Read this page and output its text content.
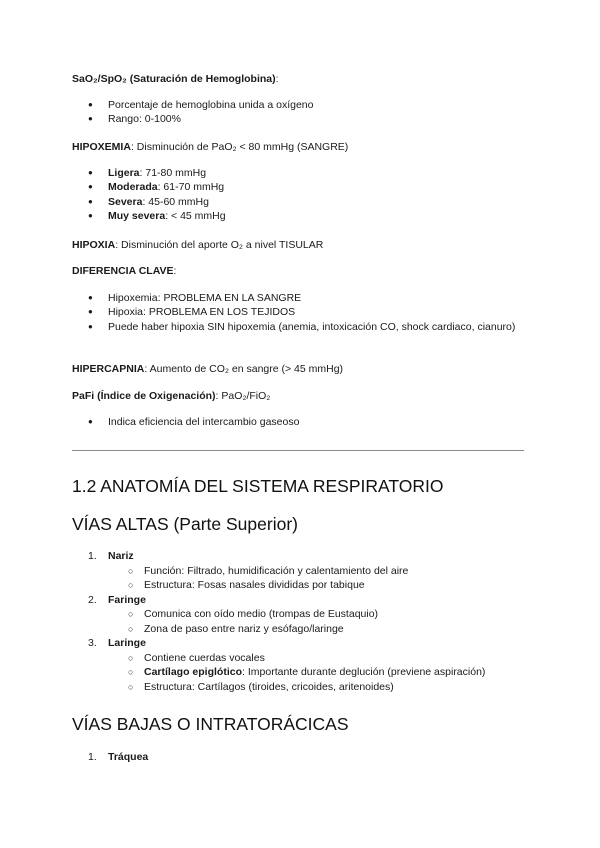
SaO₂/SpO₂ (Saturación de Hemoglobina):
● Porcentaje de hemoglobina unida a oxígeno
● Rango: 0-100%
HIPOXEMIA: Disminución de PaO₂ < 80 mmHg (SANGRE)
● Ligera: 71-80 mmHg
● Moderada: 61-70 mmHg
● Severa: 45-60 mmHg
● Muy severa: < 45 mmHg
HIPOXIA: Disminución del aporte O₂ a nivel TISULAR
DIFERENCIA CLAVE:
● Hipoxemia: PROBLEMA EN LA SANGRE
● Hipoxia: PROBLEMA EN LOS TEJIDOS
● Puede haber hipoxia SIN hipoxemia (anemia, intoxicación CO, shock cardiaco, cianuro)
HIPERCAPNIA: Aumento de CO₂ en sangre (> 45 mmHg)
PaFi (Índice de Oxigenación): PaO₂/FiO₂
● Indica eficiencia del intercambio gaseoso
1.2 ANATOMÍA DEL SISTEMA RESPIRATORIO
VÍAS ALTAS (Parte Superior)
1. Nariz
○ Función: Filtrado, humidificación y calentamiento del aire
○ Estructura: Fosas nasales divididas por tabique
2. Faringe
○ Comunica con oído medio (trompas de Eustaquio)
○ Zona de paso entre nariz y esófago/laringe
3. Laringe
○ Contiene cuerdas vocales
○ Cartílago epiglótico: Importante durante deglución (previene aspiración)
○ Estructura: Cartílagos (tiroides, cricoides, aritenoides)
VÍAS BAJAS O INTRATORÁCICAS
1. Tráquea
